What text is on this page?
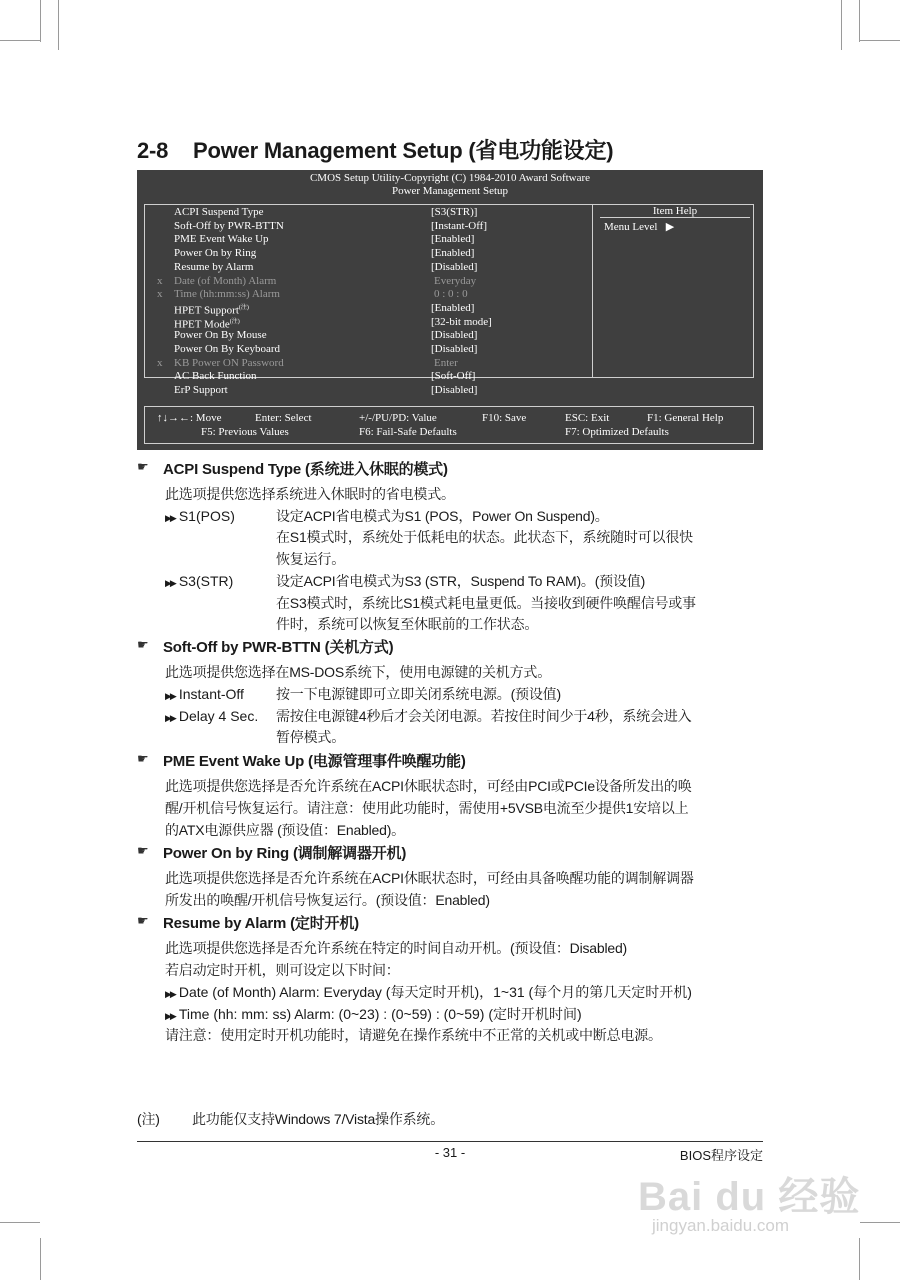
2-8 Power Management Setup (省电功能设定)
CMOS Setup Utility-Copyright (C) 1984-2010 Award Software
Power Management Setup
Item Help
Menu Level ▶
ACPI Suspend Type	[S3(STR)]
Soft-Off by PWR-BTTN	[Instant-Off]
PME Event Wake Up	[Enabled]
Power On by Ring	[Enabled]
Resume by Alarm	[Disabled]
x Date (of Month) Alarm	Everyday
x Time (hh:mm:ss) Alarm	0 : 0 : 0
HPET Support$^{(注)}$	[Enabled]
HPET Mode$^{(注)}$	[32-bit mode]
Power On By Mouse	[Disabled]
Power On By Keyboard	[Disabled]
x KB Power ON Password	Enter
AC Back Function	[Soft-Off]
ErP Support	[Disabled]
↑↓→←: Move	Enter: Select	+/-/PU/PD: Value	F10: Save	ESC: Exit	F1: General Help
F5: Previous Values	F6: Fail-Safe Defaults	F7: Optimized Defaults
☛ ACPI Suspend Type (系统进入休眠的模式)
此选项提供您选择系统进入休眠时的省电模式。
▶▶ S1(POS)	设定ACPI省电模式为S1 (POS，Power On Suspend)。
在S1模式时，系统处于低耗电的状态。此状态下，系统随时可以很快
恢复运行。
▶▶ S3(STR)	设定ACPI省电模式为S3 (STR，Suspend To RAM)。(预设值)
在S3模式时，系统比S1模式耗电量更低。当接收到硬件唤醒信号或事
件时，系统可以恢复至休眠前的工作状态。
☛ Soft-Off by PWR-BTTN (关机方式)
此选项提供您选择在MS-DOS系统下，使用电源键的关机方式。
▶▶ Instant-Off 按一下电源键即可立即关闭系统电源。(预设值)
▶▶ Delay 4 Sec. 需按住电源键4秒后才会关闭电源。若按住时间少于4秒，系统会进入
暂停模式。
☛ PME Event Wake Up (电源管理事件唤醒功能)
此选项提供您选择是否允许系统在ACPI休眠状态时，可经由PCI或PCIe设备所发出的唤
醒/开机信号恢复运行。请注意：使用此功能时，需使用+5VSB电流至少提供1安培以上
的ATX电源供应器 (预设值：Enabled)。
☛ Power On by Ring (调制解调器开机)
此选项提供您选择是否允许系统在ACPI休眠状态时，可经由具备唤醒功能的调制解调器
所发出的唤醒/开机信号恢复运行。(预设值：Enabled)
☛ Resume by Alarm (定时开机)
此选项提供您选择是否允许系统在特定的时间自动开机。(预设值：Disabled)
若启动定时开机，则可设定以下时间：
▶▶ Date (of Month) Alarm: Everyday (每天定时开机)，1~31 (每个月的第几天定时开机)
▶▶ Time (hh: mm: ss) Alarm: (0~23) : (0~59) : (0~59) (定时开机时间)
请注意：使用定时开机功能时，请避免在操作系统中不正常的关机或中断总电源。
(注) 此功能仅支持Windows 7/Vista操作系统。
- 31 -	BIOS程序设定
Bai du 经验
jingyan.baidu.com
